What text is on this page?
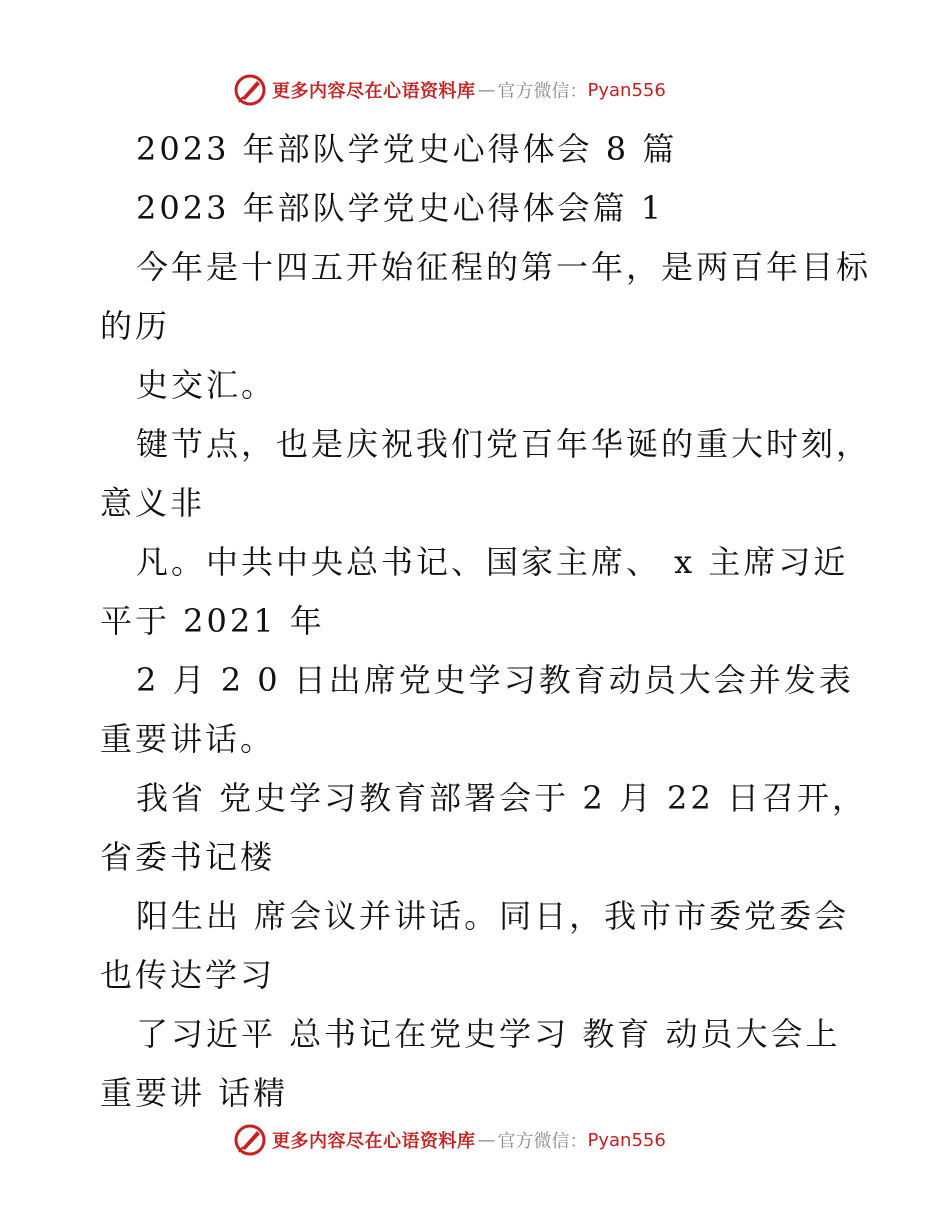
更多内容尽在心语资料库 — 官方微信： Pyan556
2023 年部队学党史心得体会 8 篇
2023 年部队学党史心得体会篇 1
今年是十四五开始征程的第一年，是两百年目标
的历
史交汇。
键节点，也是庆祝我们党百年华诞的重大时刻，
意义非
凡。中共中央总书记、国家主席、 x 主席习近
平于 2021 年
2 月 2 0 日出席党史学习教育动员大会并发表
重要讲话。
我省 党史学习教育部署会于 2 月 22 日召开，
省委书记楼
阳生出 席会议并讲话。同日，我市市委党委会
也传达学习
了习近平 总书记在党史学习 教育 动员大会上
重要讲 话精
更多内容尽在心语资料库 — 官方微信： Pyan556
